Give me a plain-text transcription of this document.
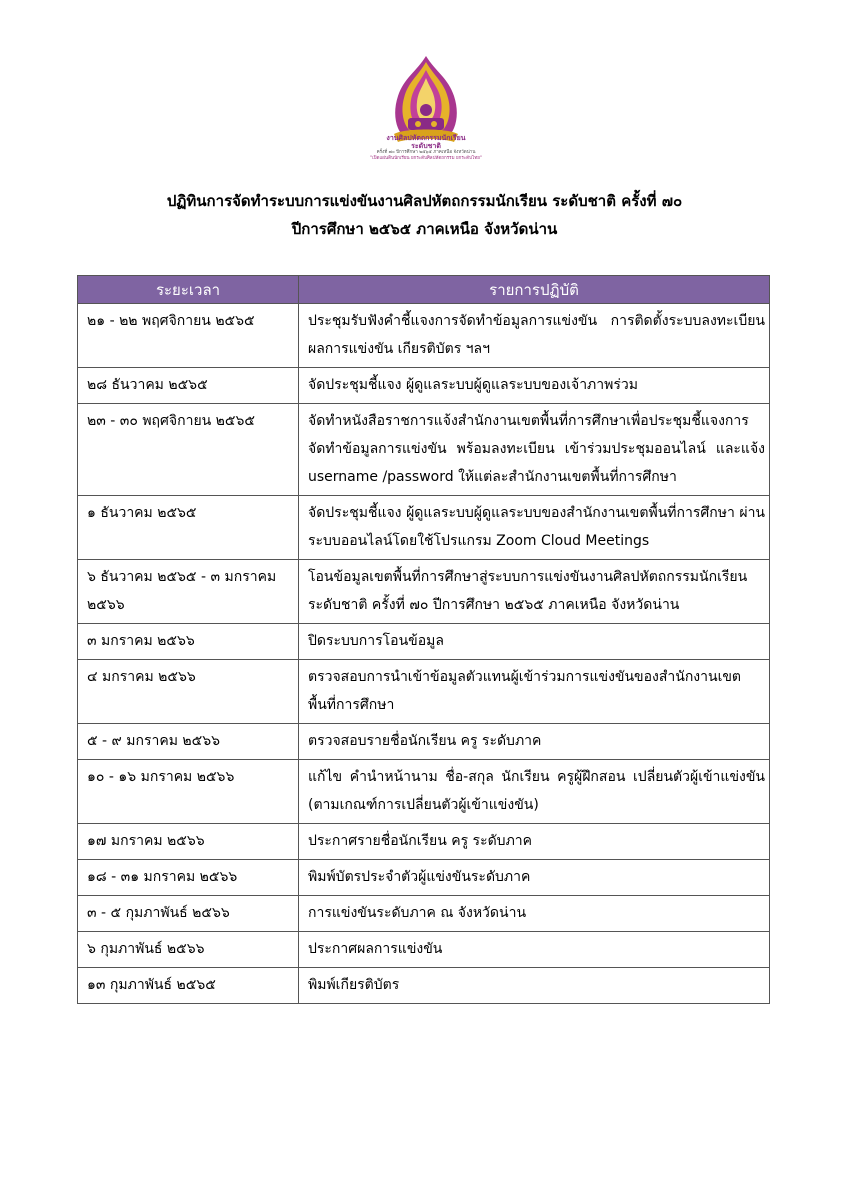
งานศิลปหัตถกรรมนักเรียน
ระดับชาติ
ครั้งที่ ๗๐ ปีการศึกษา ๒๕๖๕ ภาคเหนือ จังหวัดน่าน
"เปิดแผ่นดินนักเรียน ยกระดับศิลปหัตถกรรม ยกระดับไทย"
ปฏิทินการจัดทำระบบการแข่งขันงานศิลปหัตถกรรมนักเรียน ระดับชาติ ครั้งที่ ๗๐
ปีการศึกษา ๒๕๖๕ ภาคเหนือ จังหวัดน่าน
ระยะเวลา	รายการปฏิบัติ
๒๑ - ๒๒ พฤศจิกายน ๒๕๖๕	ประชุมรับฟังคำชี้แจงการจัดทำข้อมูลการแข่งขัน การติดตั้งระบบลงทะเบียน ผลการแข่งขัน เกียรติบัตร ฯลฯ
๒๘ ธันวาคม ๒๕๖๕	จัดประชุมชี้แจง ผู้ดูแลระบบผู้ดูแลระบบของเจ้าภาพร่วม
๒๓ - ๓๐ พฤศจิกายน ๒๕๖๕	จัดทำหนังสือราชการแจ้งสำนักงานเขตพื้นที่การศึกษาเพื่อประชุมชี้แจงการจัดทำข้อมูลการแข่งขัน พร้อมลงทะเบียน เข้าร่วมประชุมออนไลน์ และแจ้ง username /password ให้แต่ละสำนักงานเขตพื้นที่การศึกษา
๑ ธันวาคม ๒๕๖๕	จัดประชุมชี้แจง ผู้ดูแลระบบผู้ดูแลระบบของสำนักงานเขตพื้นที่การศึกษา ผ่านระบบออนไลน์โดยใช้โปรแกรม Zoom Cloud Meetings
๖ ธันวาคม ๒๕๖๕ - ๓ มกราคม ๒๕๖๖	โอนข้อมูลเขตพื้นที่การศึกษาสู่ระบบการแข่งขันงานศิลปหัตถกรรมนักเรียน ระดับชาติ ครั้งที่ ๗๐ ปีการศึกษา ๒๕๖๕ ภาคเหนือ จังหวัดน่าน
๓ มกราคม ๒๕๖๖	ปิดระบบการโอนข้อมูล
๔ มกราคม ๒๕๖๖	ตรวจสอบการนำเข้าข้อมูลตัวแทนผู้เข้าร่วมการแข่งขันของสำนักงานเขตพื้นที่การศึกษา
๕ - ๙ มกราคม ๒๕๖๖	ตรวจสอบรายชื่อนักเรียน ครู ระดับภาค
๑๐ - ๑๖ มกราคม ๒๕๖๖	แก้ไข คำนำหน้านาม ชื่อ-สกุล นักเรียน ครูผู้ฝึกสอน เปลี่ยนตัวผู้เข้าแข่งขัน (ตามเกณฑ์การเปลี่ยนตัวผู้เข้าแข่งขัน)
๑๗ มกราคม ๒๕๖๖	ประกาศรายชื่อนักเรียน ครู ระดับภาค
๑๘ - ๓๑ มกราคม ๒๕๖๖	พิมพ์บัตรประจำตัวผู้แข่งขันระดับภาค
๓ - ๕ กุมภาพันธ์ ๒๕๖๖	การแข่งขันระดับภาค ณ จังหวัดน่าน
๖ กุมภาพันธ์ ๒๕๖๖	ประกาศผลการแข่งขัน
๑๓ กุมภาพันธ์ ๒๕๖๕	พิมพ์เกียรติบัตร
